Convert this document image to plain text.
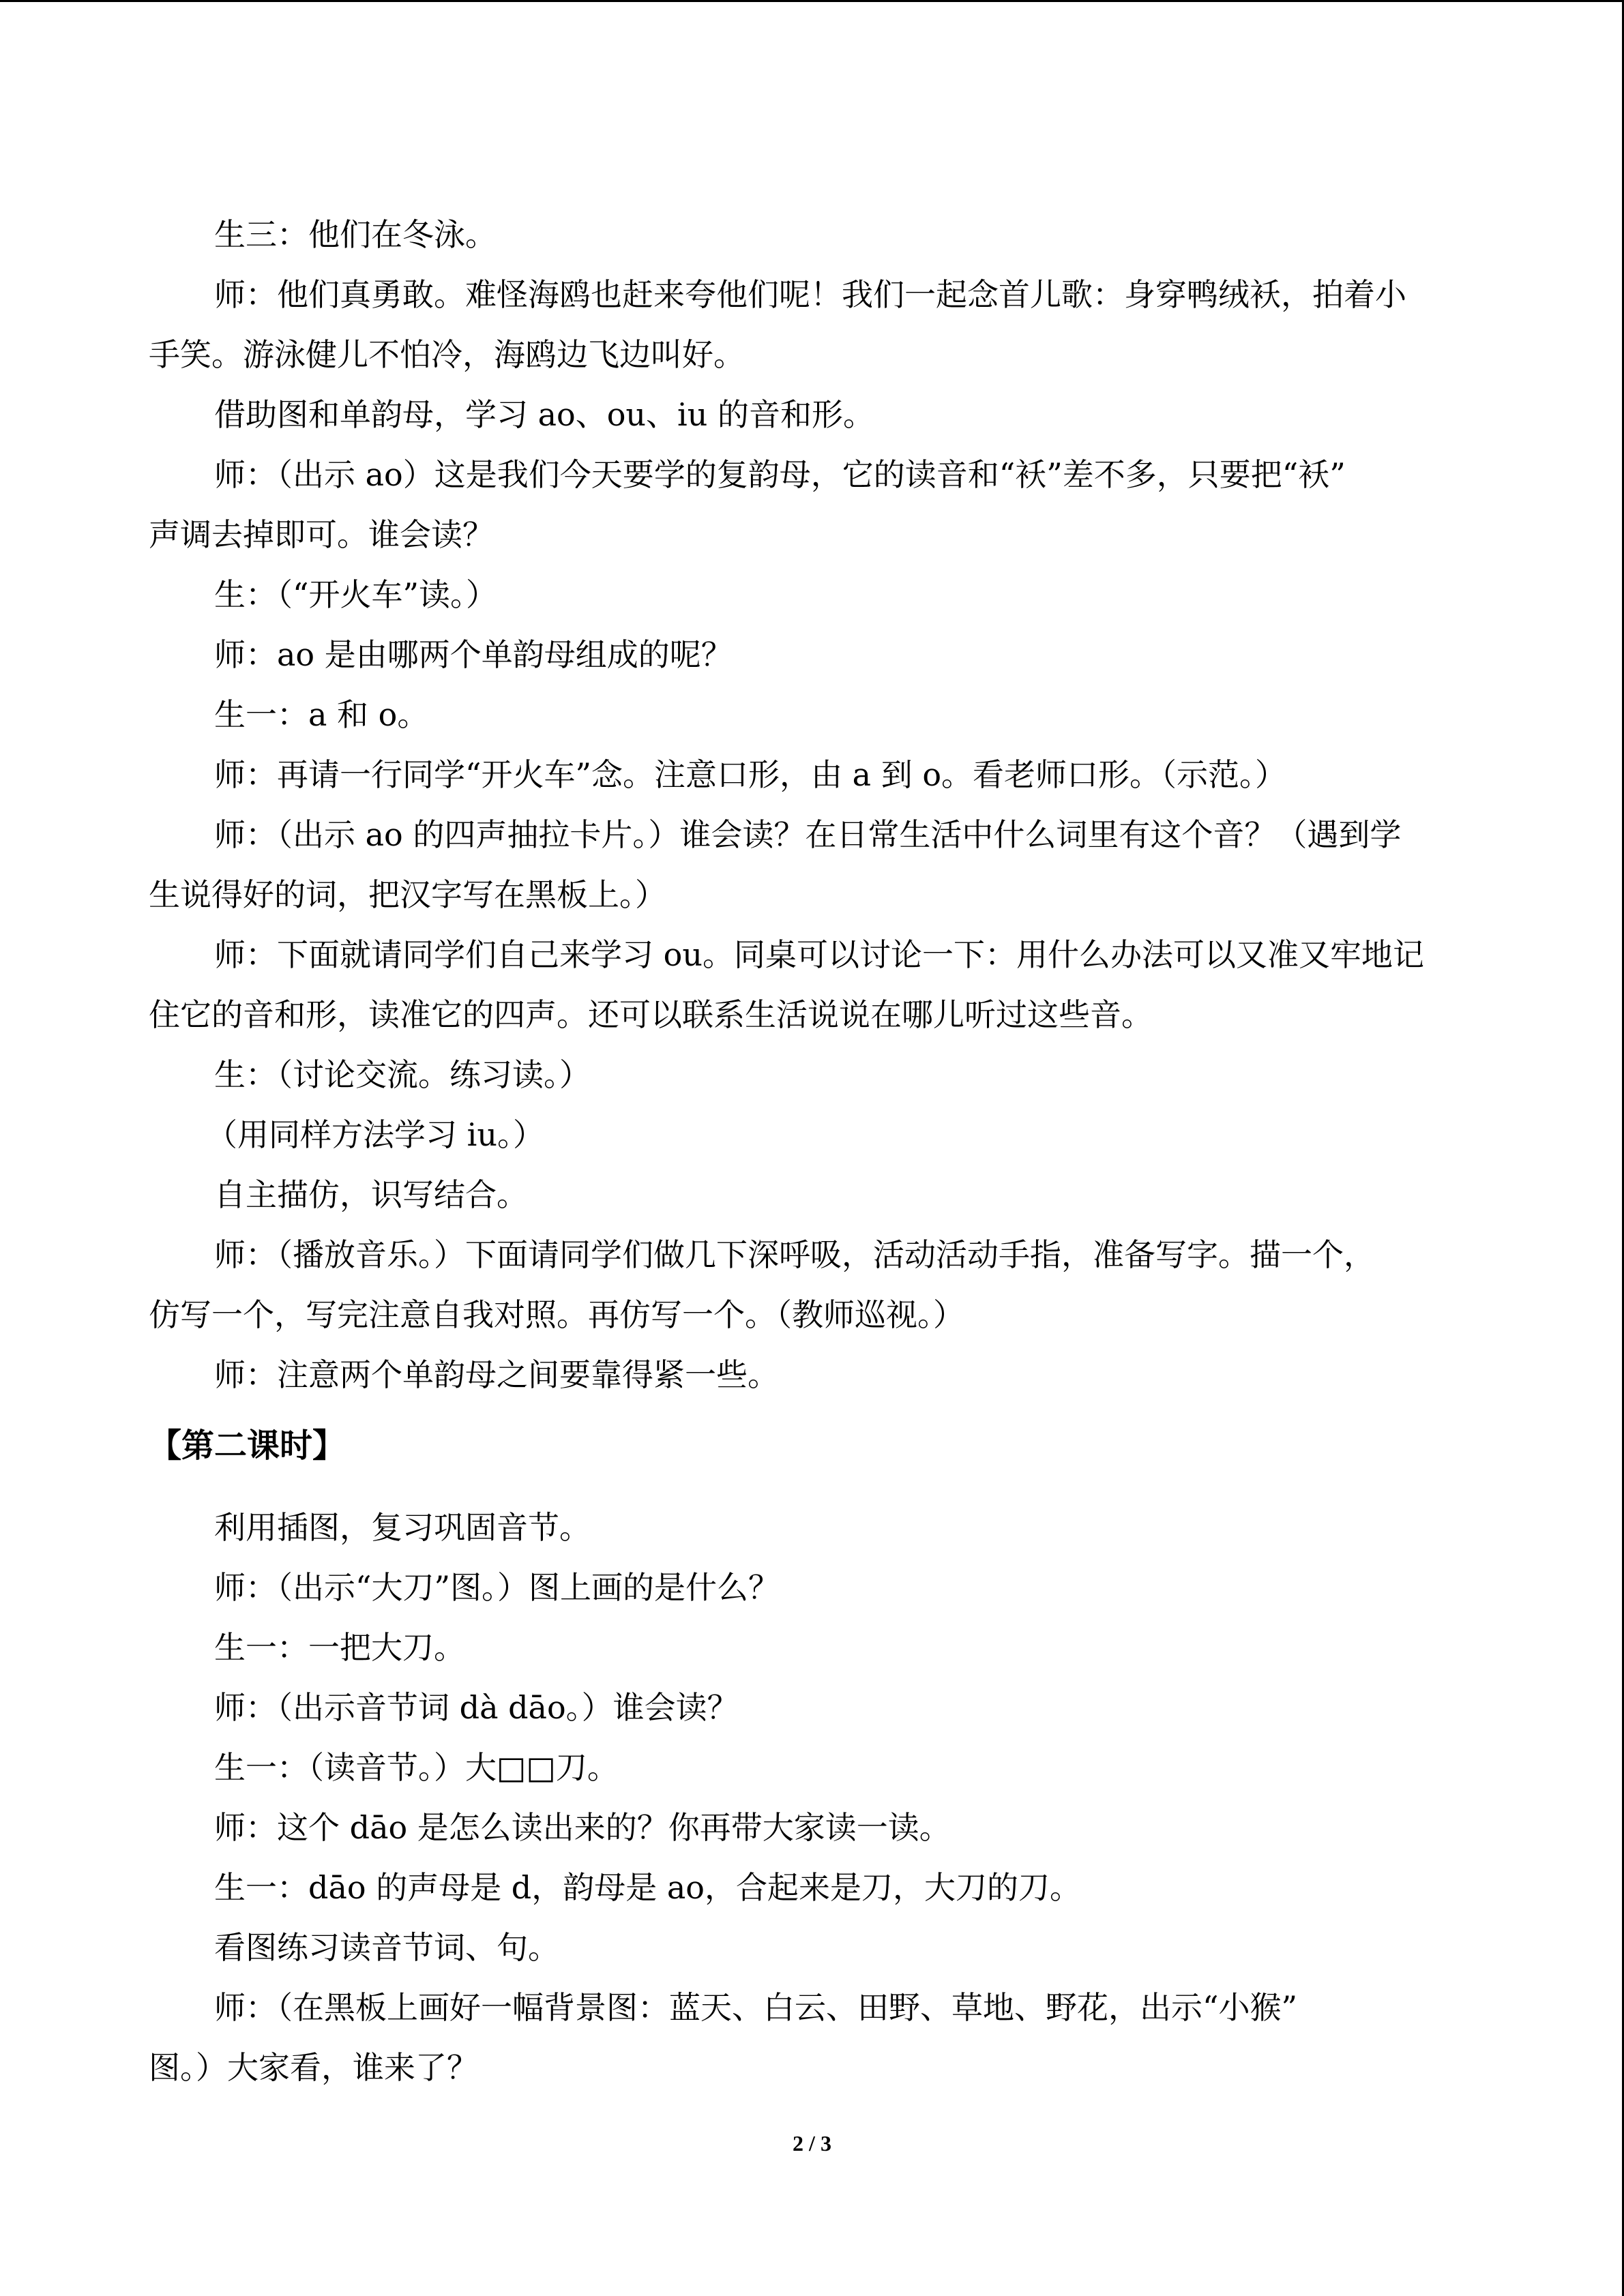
生三：他们在冬泳。

师：他们真勇敢。难怪海鸥也赶来夸他们呢！我们一起念首儿歌：身穿鸭绒袄，拍着小

手笑。游泳健儿不怕冷，海鸥边飞边叫好。

借助图和单韵母，学习 ao、ou、iu 的音和形。

师：（出示 ao）这是我们今天要学的复韵母，它的读音和“袄”差不多，只要把“袄”

声调去掉即可。谁会读？

生：（“开火车”读。）

师：ao 是由哪两个单韵母组成的呢？

生一：a 和 o。

师：再请一行同学“开火车”念。注意口形，由 a 到 o。看老师口形。（示范。）

师：（出示 ao 的四声抽拉卡片。）谁会读？在日常生活中什么词里有这个音？（遇到学

生说得好的词，把汉字写在黑板上。）

师：下面就请同学们自己来学习 ou。同桌可以讨论一下：用什么办法可以又准又牢地记

住它的音和形，读准它的四声。还可以联系生活说说在哪儿听过这些音。

生：（讨论交流。练习读。）

（用同样方法学习 iu。）

自主描仿，识写结合。

师：（播放音乐。）下面请同学们做几下深呼吸，活动活动手指，准备写字。描一个，

仿写一个，写完注意自我对照。再仿写一个。（教师巡视。）

师：注意两个单韵母之间要靠得紧一些。

【第二课时】

利用插图，复习巩固音节。

师：（出示“大刀”图。）图上画的是什么？

生一：一把大刀。

师：（出示音节词 dà dāo。）谁会读？

生一：（读音节。）大□□刀。

师：这个 dāo 是怎么读出来的？你再带大家读一读。

生一：dāo 的声母是 d，韵母是 ao，合起来是刀，大刀的刀。

看图练习读音节词、句。

师：（在黑板上画好一幅背景图：蓝天、白云、田野、草地、野花，出示“小猴”

图。）大家看，谁来了？

2 / 3
